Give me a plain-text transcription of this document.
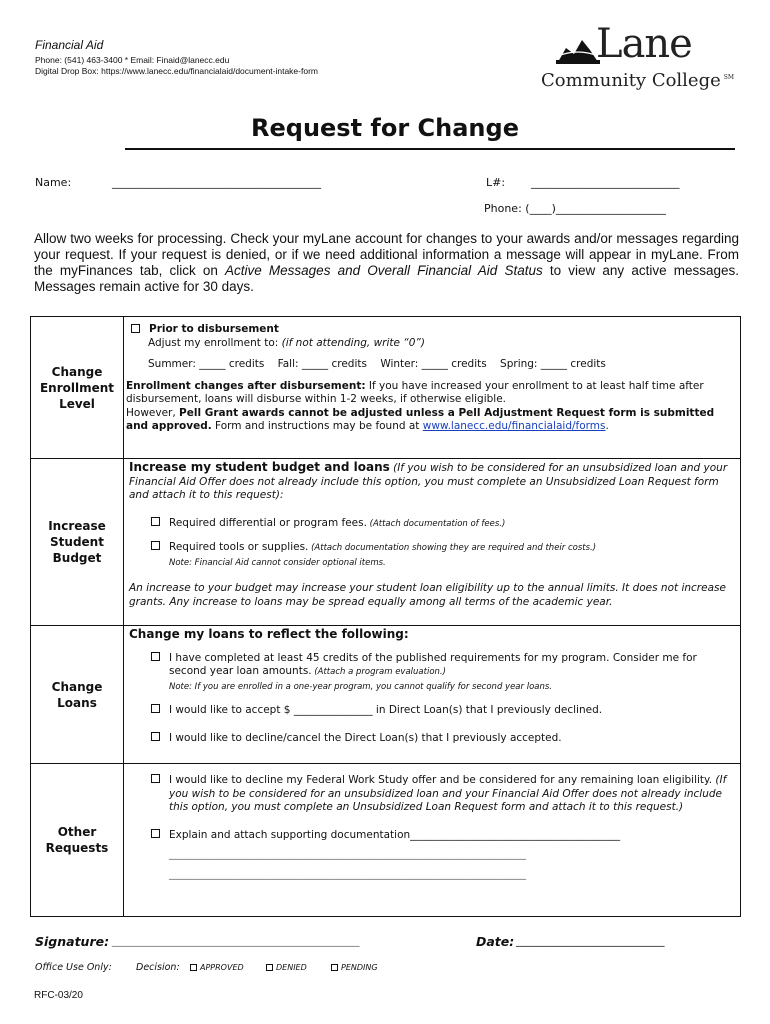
Financial Aid
Phone: (541) 463-3400 * Email: Finaid@lanecc.edu
Digital Drop Box: https://www.lanecc.edu/financialaid/document-intake-form
Lane
Community College ℠
Request for Change
Name:	______________________________________	L#: ___________________________
Phone: (____)____________________
Allow two weeks for processing. Check your myLane account for changes to your awards and/or messages regarding your request. If your request is denied, or if we need additional information a message will appear in myLane. From the myFinances tab, click on Active Messages and Overall Financial Aid Status to view any active messages. Messages remain active for 30 days.
Change Enrollment Level	Prior to disbursement
Adjust my enrollment to: (if not attending, write “0”)
Summer: _____ credits    Fall: _____ credits    Winter: _____ credits    Spring: _____ credits
Enrollment changes after disbursement: If you have increased your enrollment to at least half time after disbursement, loans will disburse within 1-2 weeks, if otherwise eligible.
However, Pell Grant awards cannot be adjusted unless a Pell Adjustment Request form is submitted and approved. Form and instructions may be found at www.lanecc.edu/financialaid/forms.

Increase Student Budget	Increase my student budget and loans (If you wish to be considered for an unsubsidized loan and your Financial Aid Offer does not already include this option, you must complete an Unsubsidized Loan Request form and attach it to this request):
Required differential or program fees. (Attach documentation of fees.)
Required tools or supplies. (Attach documentation showing they are required and their costs.)
Note: Financial Aid cannot consider optional items.
An increase to your budget may increase your student loan eligibility up to the annual limits. It does not increase grants. Any increase to loans may be spread equally among all terms of the academic year.

Change Loans	Change my loans to reflect the following:
I have completed at least 45 credits of the published requirements for my program. Consider me for second year loan amounts. (Attach a program evaluation.)
Note: If you are enrolled in a one-year program, you cannot qualify for second year loans.
I would like to accept $ _______________ in Direct Loan(s) that I previously declined.
I would like to decline/cancel the Direct Loan(s) that I previously accepted.

Other Requests	I would like to decline my Federal Work Study offer and be considered for any remaining loan eligibility. (If you wish to be considered for an unsubsidized loan and your Financial Aid Offer does not already include this option, you must complete an Unsubsidized Loan Request form and attach it to this request.)
Explain and attach supporting documentation________________________________________
____________________________________________________________________
____________________________________________________________________
Signature: _____________________________________________	Date: ___________________________
Office Use Only:	Decision:	APPROVED	DENIED	PENDING
RFC-03/20
